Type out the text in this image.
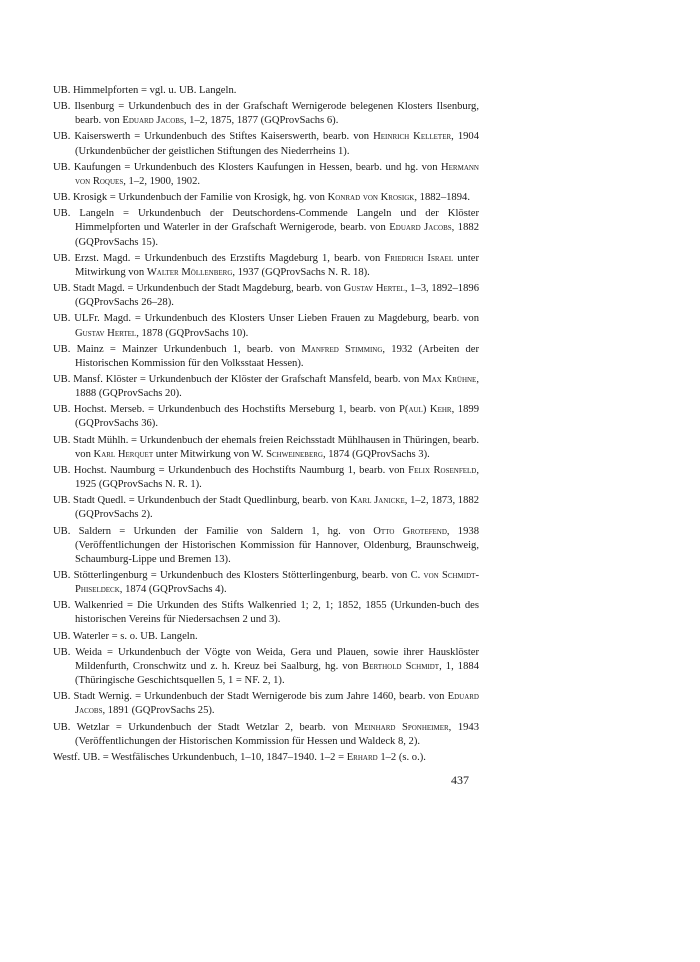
UB. Himmelpforten = vgl. u. UB. Langeln.

UB. Ilsenburg = Urkundenbuch des in der Grafschaft Wernigerode belegenen Klosters Ilsenburg, bearb. von Eduard Jacobs, 1–2, 1875, 1877 (GQProvSachs 6).

UB. Kaiserswerth = Urkundenbuch des Stiftes Kaiserswerth, bearb. von Heinrich Kelleter, 1904 (Urkundenbücher der geistlichen Stiftungen des Niederrheins 1).

UB. Kaufungen = Urkundenbuch des Klosters Kaufungen in Hessen, bearb. und hg. von Hermann von Roques, 1–2, 1900, 1902.

UB. Krosigk = Urkundenbuch der Familie von Krosigk, hg. von Konrad von Krosigk, 1882–1894.

UB. Langeln = Urkundenbuch der Deutschordens-Commende Langeln und der Klöster Himmelpforten und Waterler in der Grafschaft Wernigerode, bearb. von Eduard Jacobs, 1882 (GQProvSachs 15).

UB. Erzst. Magd. = Urkundenbuch des Erzstifts Magdeburg 1, bearb. von Friedrich Israel unter Mitwirkung von Walter Möllenberg, 1937 (GQProvSachs N. R. 18).

UB. Stadt Magd. = Urkundenbuch der Stadt Magdeburg, bearb. von Gustav Hertel, 1–3, 1892–1896 (GQProvSachs 26–28).

UB. ULFr. Magd. = Urkundenbuch des Klosters Unser Lieben Frauen zu Magdeburg, bearb. von Gustav Hertel, 1878 (GQProvSachs 10).

UB. Mainz = Mainzer Urkundenbuch 1, bearb. von Manfred Stimming, 1932 (Arbeiten der Historischen Kommission für den Volksstaat Hessen).

UB. Mansf. Klöster = Urkundenbuch der Klöster der Grafschaft Mansfeld, bearb. von Max Krühne, 1888 (GQProvSachs 20).

UB. Hochst. Merseb. = Urkundenbuch des Hochstifts Merseburg 1, bearb. von P(aul) Kehr, 1899 (GQProvSachs 36).

UB. Stadt Mühlh. = Urkundenbuch der ehemals freien Reichsstadt Mühlhausen in Thüringen, bearb. von Karl Herquet unter Mitwirkung von W. Schweineberg, 1874 (GQProvSachs 3).

UB. Hochst. Naumburg = Urkundenbuch des Hochstifts Naumburg 1, bearb. von Felix Rosenfeld, 1925 (GQProvSachs N. R. 1).

UB. Stadt Quedl. = Urkundenbuch der Stadt Quedlinburg, bearb. von Karl Janicke, 1–2, 1873, 1882 (GQProvSachs 2).

UB. Saldern = Urkunden der Familie von Saldern 1, hg. von Otto Grotefend, 1938 (Veröffentlichungen der Historischen Kommission für Hannover, Oldenburg, Braunschweig, Schaumburg-Lippe und Bremen 13).

UB. Stötterlingenburg = Urkundenbuch des Klosters Stötterlingenburg, bearb. von C. von Schmidt-Phiseldeck, 1874 (GQProvSachs 4).

UB. Walkenried = Die Urkunden des Stifts Walkenried 1; 2, 1; 1852, 1855 (Urkunden-buch des historischen Vereins für Niedersachsen 2 und 3).

UB. Waterler = s. o. UB. Langeln.

UB. Weida = Urkundenbuch der Vögte von Weida, Gera und Plauen, sowie ihrer Hausklöster Mildenfurth, Cronschwitz und z. h. Kreuz bei Saalburg, hg. von Berthold Schmidt, 1, 1884 (Thüringische Geschichtsquellen 5, 1 = NF. 2, 1).

UB. Stadt Wernig. = Urkundenbuch der Stadt Wernigerode bis zum Jahre 1460, bearb. von Eduard Jacobs, 1891 (GQProvSachs 25).

UB. Wetzlar = Urkundenbuch der Stadt Wetzlar 2, bearb. von Meinhard Sponheimer, 1943 (Veröffentlichungen der Historischen Kommission für Hessen und Waldeck 8, 2).

Westf. UB. = Westfälisches Urkundenbuch, 1–10, 1847–1940. 1–2 = Erhard 1–2 (s. o.).

437
